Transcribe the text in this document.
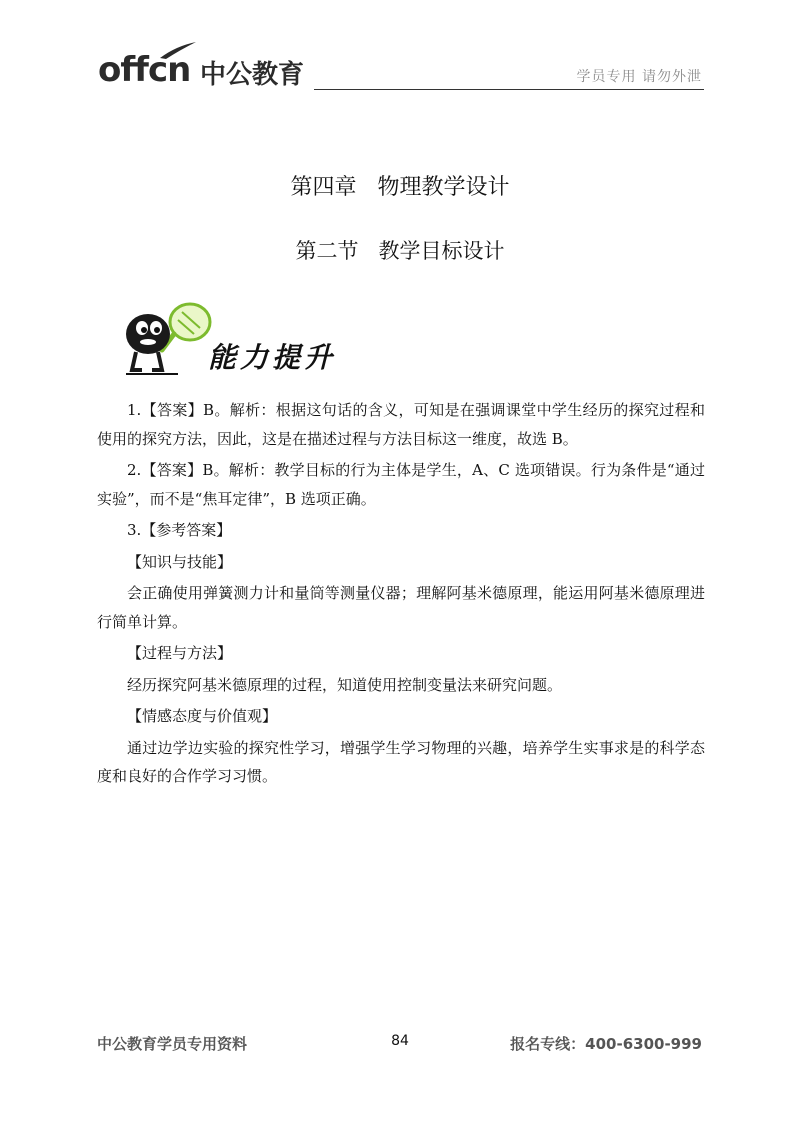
offcn 中公教育	学员专用 请勿外泄
第四章   物理教学设计
第二节   教学目标设计
能力提升

1.【答案】B。解析：根据这句话的含义，可知是在强调课堂中学生经历的探究过程和使用的探究方法，因此，这是在描述过程与方法目标这一维度，故选 B。

2.【答案】B。解析：教学目标的行为主体是学生，A、C 选项错误。行为条件是“通过实验”，而不是“焦耳定律”，B 选项正确。

3.【参考答案】

【知识与技能】

会正确使用弹簧测力计和量筒等测量仪器；理解阿基米德原理，能运用阿基米德原理进行简单计算。

【过程与方法】

经历探究阿基米德原理的过程，知道使用控制变量法来研究问题。

【情感态度与价值观】

通过边学边实验的探究性学习，增强学生学习物理的兴趣，培养学生实事求是的科学态度和良好的合作学习习惯。

中公教育学员专用资料	84	报名专线：400-6300-999
